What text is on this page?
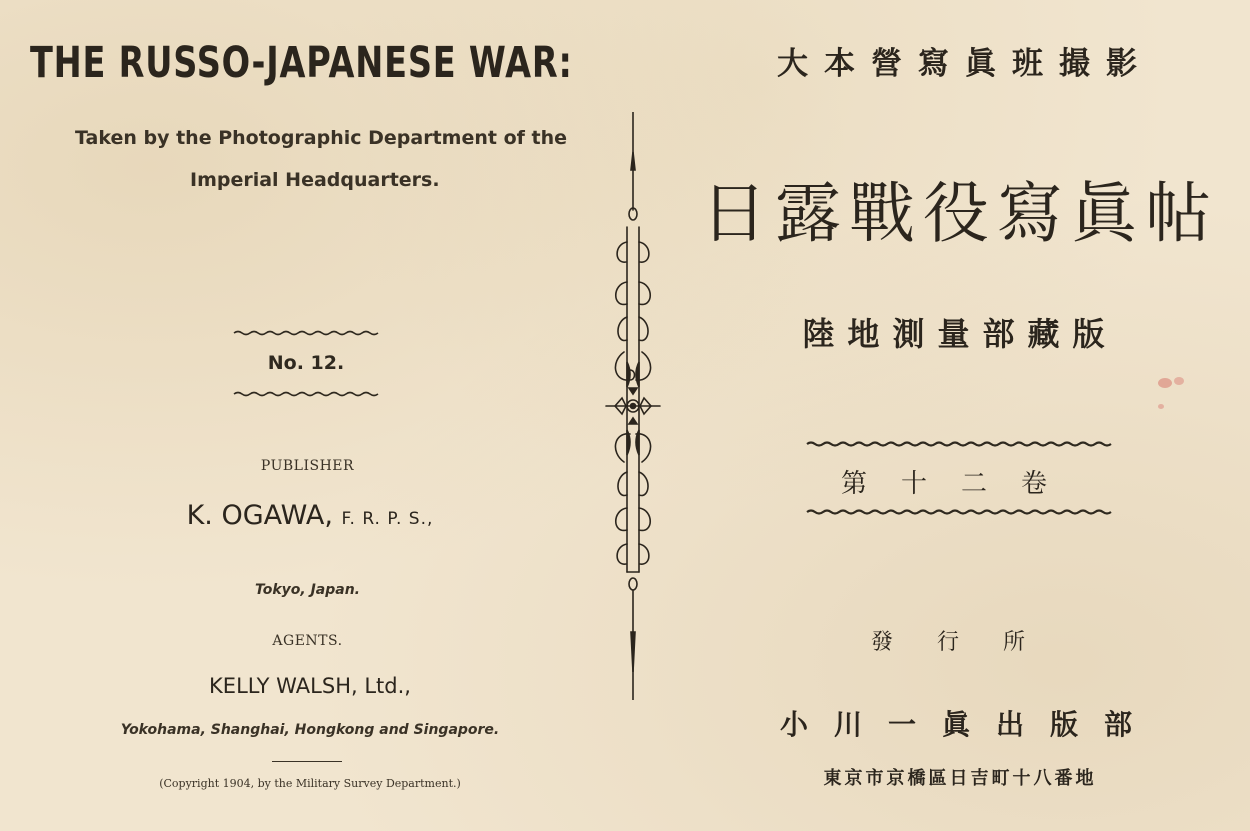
THE RUSSO-JAPANESE WAR:
Taken by the Photographic Department of the
Imperial Headquarters.
No. 12.
PUBLISHER
K. OGAWA, F. R. P. S.,
Tokyo, Japan.
AGENTS.
KELLY WALSH, Ltd.,
Yokohama, Shanghai, Hongkong and Singapore.
(Copyright 1904, by the Military Survey Department.)
大本營寫眞班撮影
日露戰役寫眞帖
陸地測量部藏版
第十二卷
發行所
小川一眞出版部
東京市京橋區日吉町十八番地
